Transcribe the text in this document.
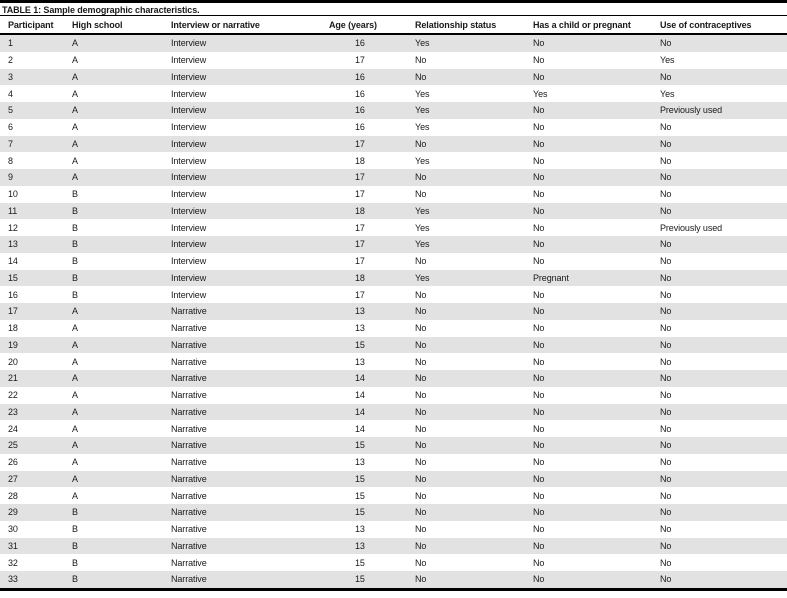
TABLE 1: Sample demographic characteristics.
Participant	High school	Interview or narrative	Age (years)	Relationship status	Has a child or pregnant	Use of contraceptives
1	A	Interview	16	Yes	No	No
2	A	Interview	17	No	No	Yes
3	A	Interview	16	No	No	No
4	A	Interview	16	Yes	Yes	Yes
5	A	Interview	16	Yes	No	Previously used
6	A	Interview	16	Yes	No	No
7	A	Interview	17	No	No	No
8	A	Interview	18	Yes	No	No
9	A	Interview	17	No	No	No
10	B	Interview	17	No	No	No
11	B	Interview	18	Yes	No	No
12	B	Interview	17	Yes	No	Previously used
13	B	Interview	17	Yes	No	No
14	B	Interview	17	No	No	No
15	B	Interview	18	Yes	Pregnant	No
16	B	Interview	17	No	No	No
17	A	Narrative	13	No	No	No
18	A	Narrative	13	No	No	No
19	A	Narrative	15	No	No	No
20	A	Narrative	13	No	No	No
21	A	Narrative	14	No	No	No
22	A	Narrative	14	No	No	No
23	A	Narrative	14	No	No	No
24	A	Narrative	14	No	No	No
25	A	Narrative	15	No	No	No
26	A	Narrative	13	No	No	No
27	A	Narrative	15	No	No	No
28	A	Narrative	15	No	No	No
29	B	Narrative	15	No	No	No
30	B	Narrative	13	No	No	No
31	B	Narrative	13	No	No	No
32	B	Narrative	15	No	No	No
33	B	Narrative	15	No	No	No
